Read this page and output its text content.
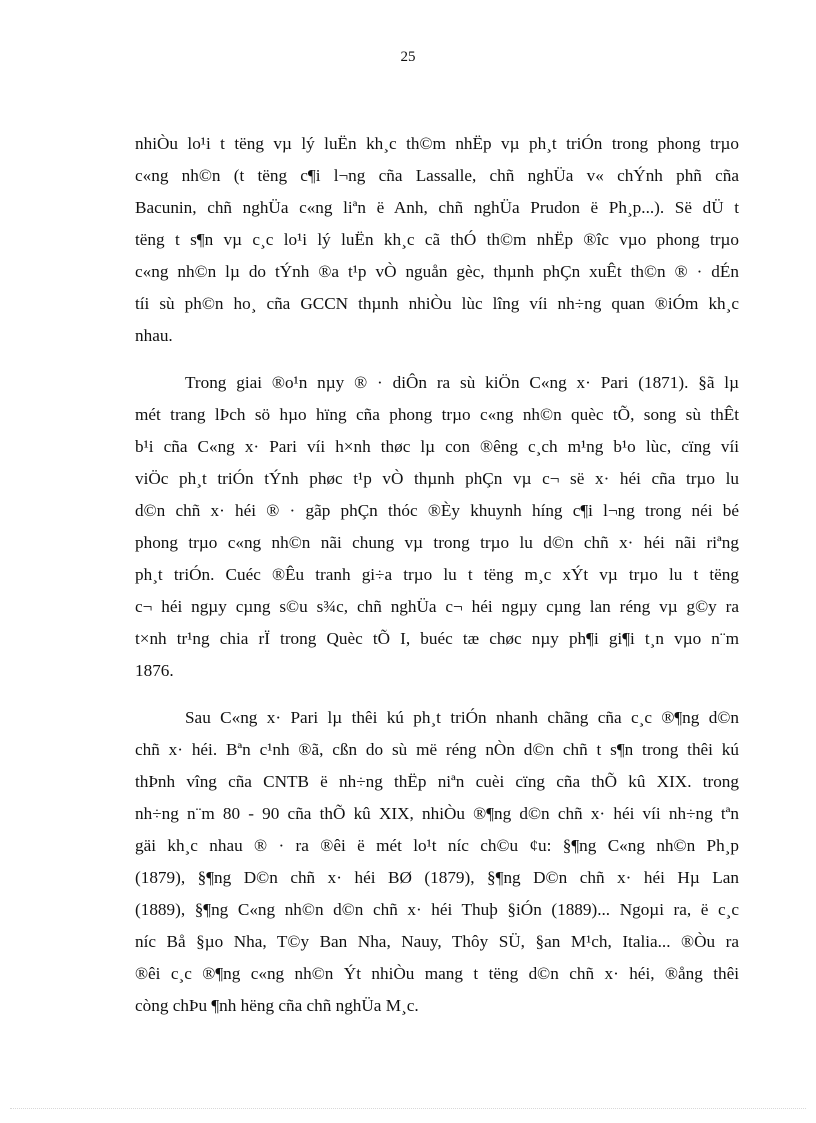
25
nhiÒu lo¹i t tëng vµ lý luËn kh¸c th©m nhËp vµ ph¸t triÓn trong phong trµo
c«ng nh©n (t tëng c¶i l¬ng cña Lassalle, chñ nghÜa v« chÝnh phñ cña
Bacunin, chñ nghÜa c«ng liªn ë Anh, chñ nghÜa Prudon ë Ph¸p...). Së dÜ t
tëng t s¶n vµ c¸c lo¹i lý luËn kh¸c cã thÓ th©m nhËp ®îc vµo phong trµo
c«ng nh©n lµ do tÝnh ®a t¹p vÒ nguån gèc, thµnh phÇn xuÊt th©n ® · dÉn
tíi sù ph©n ho¸ cña GCCN thµnh nhiÒu lùc lîng víi nh÷ng quan ®iÓm kh¸c
nhau.
Trong giai ®o¹n nµy ® · diÔn ra sù kiÖn C«ng x· Pari (1871). §ã lµ
mét trang lÞch sö hµo hïng cña phong trµo c«ng nh©n quèc tÕ, song sù thÊt
b¹i cña C«ng x· Pari víi h×nh thøc lµ con ®êng c¸ch m¹ng b¹o lùc, cïng víi
viÖc ph¸t triÓn tÝnh phøc t¹p vÒ thµnh phÇn vµ c¬ së x· héi cña trµo lu
d©n chñ x· héi ® · gãp phÇn thóc ®Èy khuynh híng c¶i l¬ng trong néi bé
phong trµo c«ng nh©n nãi chung vµ trong trµo lu d©n chñ x· héi nãi riªng
ph¸t triÓn. Cuéc ®Êu tranh gi÷a trµo lu t tëng m¸c xÝt vµ trµo lu t tëng
c¬ héi ngµy cµng s©u s¾c, chñ nghÜa c¬ héi ngµy cµng lan réng vµ g©y ra
t×nh tr¹ng chia rÏ trong Quèc tÕ I, buéc tæ chøc nµy ph¶i gi¶i t¸n vµo n¨m
1876.
Sau C«ng x· Pari lµ thêi kú ph¸t triÓn nhanh chãng cña c¸c ®¶ng d©n
chñ x· héi. Bªn c¹nh ®ã, cßn do sù më réng nÒn d©n chñ t s¶n trong thêi kú
thÞnh vîng cña CNTB ë nh÷ng thËp niªn cuèi cïng cña thÕ kû XIX. trong
nh÷ng n¨m 80 - 90 cña thÕ kû XIX, nhiÒu ®¶ng d©n chñ x· héi víi nh÷ng tªn
gäi kh¸c nhau ® · ra ®êi ë mét lo¹t níc ch©u ¢u: §¶ng C«ng nh©n Ph¸p
(1879), §¶ng D©n chñ x· héi BØ (1879), §¶ng D©n chñ x· héi Hµ Lan
(1889), §¶ng C«ng nh©n d©n chñ x· héi Thuþ §iÓn (1889)... Ngoµi ra, ë c¸c
níc Bå §µo Nha, T©y Ban Nha, Nauy, Thôy SÜ, §an M¹ch, Italia... ®Òu ra
®êi c¸c ®¶ng c«ng nh©n Ýt nhiÒu mang t tëng d©n chñ x· héi, ®ång thêi
còng chÞu ¶nh hëng cña chñ nghÜa M¸c.
